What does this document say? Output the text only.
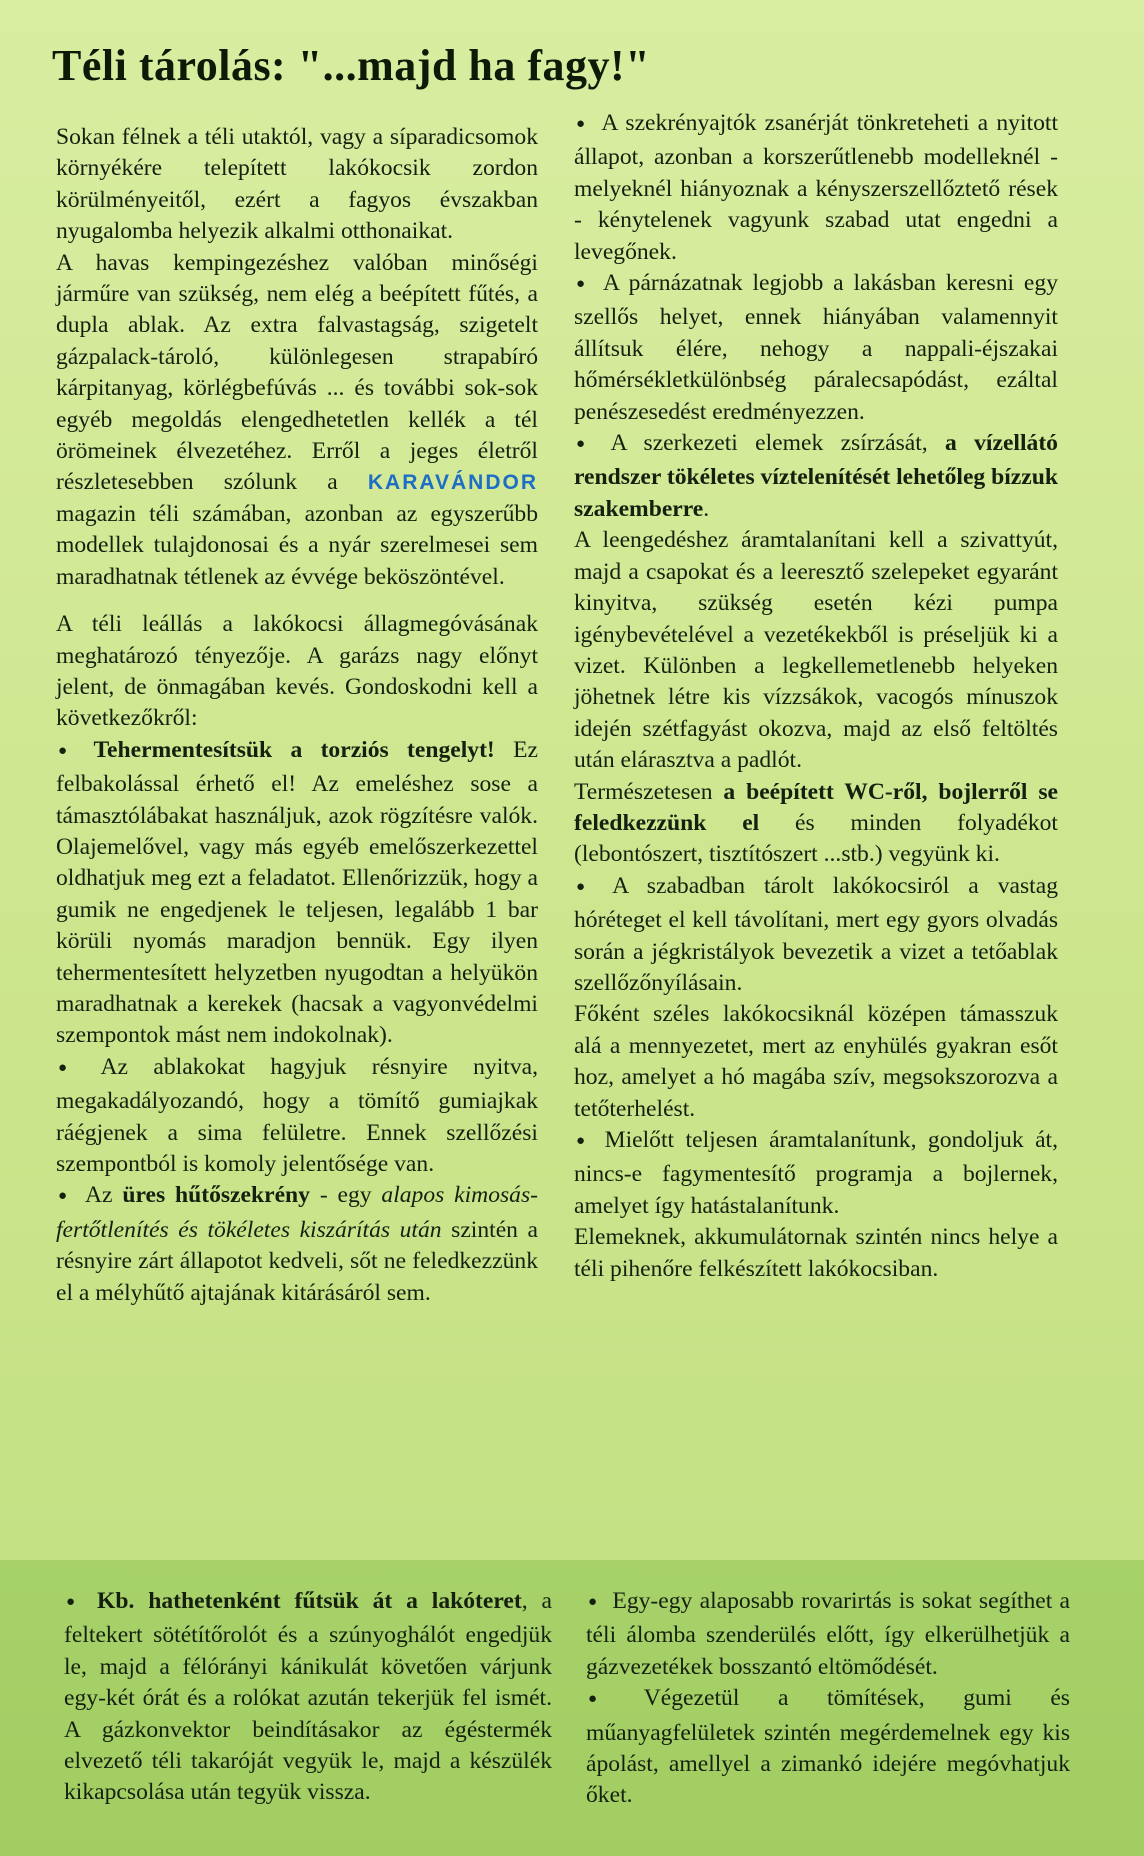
Téli tárolás: "...majd ha fagy!"

Sokan félnek a téli utaktól, vagy a síparadicsomok környékére telepített lakókocsik zordon körülményeitől, ezért a fagyos évszakban nyugalomba helyezik alkalmi otthonaikat.

A havas kempingezéshez valóban minőségi járműre van szükség, nem elég a beépített fűtés, a dupla ablak. Az extra falvastagság, szigetelt gázpalack-tároló, különlegesen strapabíró kárpitanyag, körlégbefúvás ... és további sok-sok egyéb megoldás elengedhetetlen kellék a tél örömeinek élvezetéhez. Erről a jeges életről részletesebben szólunk a KARAVÁNDOR magazin téli számában, azonban az egyszerűbb modellek tulajdonosai és a nyár szerelmesei sem maradhatnak tétlenek az évvége beköszöntével.

A téli leállás a lakókocsi állagmegóvásának meghatározó tényezője. A garázs nagy előnyt jelent, de önmagában kevés. Gondoskodni kell a következőkről:

● Tehermentesítsük a torziós tengelyt! Ez felbakolással érhető el! Az emeléshez sose a támasztólábakat használjuk, azok rögzítésre valók. Olajemelővel, vagy más egyéb emelőszerkezettel oldhatjuk meg ezt a feladatot. Ellenőrizzük, hogy a gumik ne engedjenek le teljesen, legalább 1 bar körüli nyomás maradjon bennük. Egy ilyen tehermentesített helyzetben nyugodtan a helyükön maradhatnak a kerekek (hacsak a vagyonvédelmi szempontok mást nem indokolnak).

● Az ablakokat hagyjuk résnyire nyitva, megakadályozandó, hogy a tömítő gumiajkak ráégjenek a sima felületre. Ennek szellőzési szempontból is komoly jelentősége van.

● Az üres hűtőszekrény - egy alapos kimosás-fertőtlenítés és tökéletes kiszárítás után szintén a résnyire zárt állapotot kedveli, sőt ne feledkezzünk el a mélyhűtő ajtajának kitárásáról sem.

● A szekrényajtók zsanérját tönkreteheti a nyitott állapot, azonban a korszerűtlenebb modelleknél - melyeknél hiányoznak a kényszerszellőztető rések - kénytelenek vagyunk szabad utat engedni a levegőnek.

● A párnázatnak legjobb a lakásban keresni egy szellős helyet, ennek hiányában valamennyit állítsuk élére, nehogy a nappali-éjszakai hőmérsékletkülönbség páralecsapódást, ezáltal penészesedést eredményezzen.

● A szerkezeti elemek zsírzását, a vízellátó rendszer tökéletes víztelenítését lehetőleg bízzuk szakemberre.

A leengedéshez áramtalanítani kell a szivattyút, majd a csapokat és a leeresztő szelepeket egyaránt kinyitva, szükség esetén kézi pumpa igénybevételével a vezetékekből is préseljük ki a vizet. Különben a legkellemetlenebb helyeken jöhetnek létre kis vízzsákok, vacogós mínuszok idején szétfagyást okozva, majd az első feltöltés után elárasztva a padlót.

Természetesen a beépített WC-ről, bojlerről se feledkezzünk el és minden folyadékot (lebontószert, tisztítószert ...stb.) vegyünk ki.

● A szabadban tárolt lakókocsiról a vastag hóréteget el kell távolítani, mert egy gyors olvadás során a jégkristályok bevezetik a vizet a tetőablak szellőzőnyílásain.

Főként széles lakókocsiknál középen támasszuk alá a mennyezetet, mert az enyhülés gyakran esőt hoz, amelyet a hó magába szív, megsokszorozva a tetőterhelést.

● Mielőtt teljesen áramtalanítunk, gondoljuk át, nincs-e fagymentesítő programja a bojlernek, amelyet így hatástalanítunk.

Elemeknek, akkumulátornak szintén nincs helye a téli pihenőre felkészített lakókocsiban.

● Kb. hathetenként fűtsük át a lakóteret, a feltekert sötétítőrolót és a szúnyoghálót engedjük le, majd a félórányi kánikulát követően várjunk egy-két órát és a rolókat azután tekerjük fel ismét. A gázkonvektor beindításakor az égéstermék elvezető téli takaróját vegyük le, majd a készülék kikapcsolása után tegyük vissza.

● Egy-egy alaposabb rovarirtás is sokat segíthet a téli álomba szenderülés előtt, így elkerülhetjük a gázvezetékek bosszantó eltömődését.

● Végezetül a tömítések, gumi és műanyagfelületek szintén megérdemelnek egy kis ápolást, amellyel a zimankó idejére megóvhatjuk őket.
